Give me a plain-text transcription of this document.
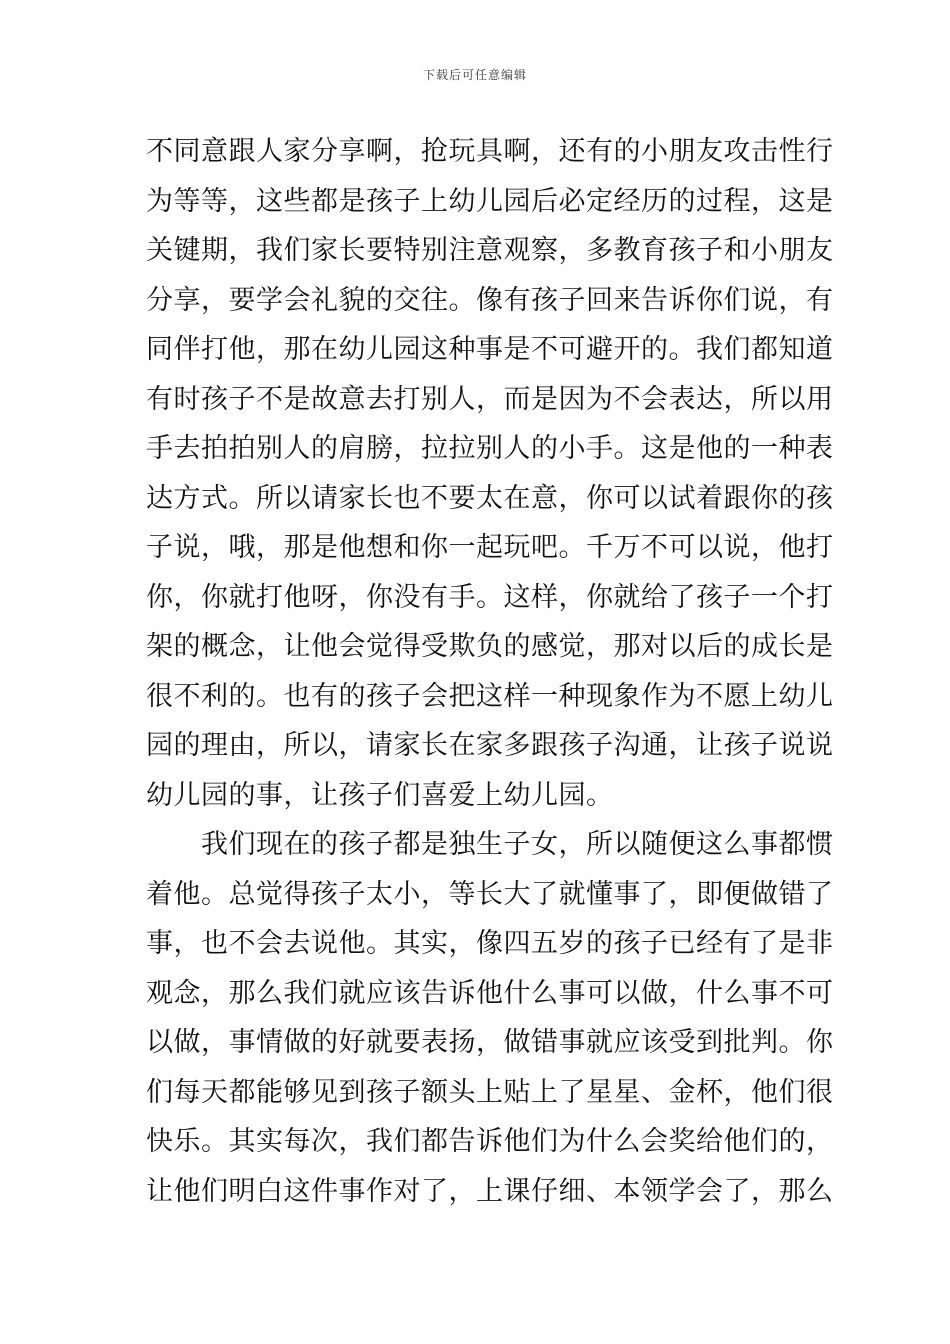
下载后可任意编辑
不同意跟人家分享啊，抢玩具啊，还有的小朋友攻击性行
为等等，这些都是孩子上幼儿园后必定经历的过程，这是
关键期，我们家长要特别注意观察，多教育孩子和小朋友
分享，要学会礼貌的交往。像有孩子回来告诉你们说，有
同伴打他，那在幼儿园这种事是不可避开的。我们都知道
有时孩子不是故意去打别人，而是因为不会表达，所以用
手去拍拍别人的肩膀，拉拉别人的小手。这是他的一种表
达方式。所以请家长也不要太在意，你可以试着跟你的孩
子说，哦，那是他想和你一起玩吧。千万不可以说，他打
你，你就打他呀，你没有手。这样，你就给了孩子一个打
架的概念，让他会觉得受欺负的感觉，那对以后的成长是
很不利的。也有的孩子会把这样一种现象作为不愿上幼儿
园的理由，所以，请家长在家多跟孩子沟通，让孩子说说
幼儿园的事，让孩子们喜爱上幼儿园。
　　我们现在的孩子都是独生子女，所以随便这么事都惯
着他。总觉得孩子太小，等长大了就懂事了，即便做错了
事，也不会去说他。其实，像四五岁的孩子已经有了是非
观念，那么我们就应该告诉他什么事可以做，什么事不可
以做，事情做的好就要表扬，做错事就应该受到批判。你
们每天都能够见到孩子额头上贴上了星星、金杯，他们很
快乐。其实每次，我们都告诉他们为什么会奖给他们的，
让他们明白这件事作对了，上课仔细、本领学会了，那么
